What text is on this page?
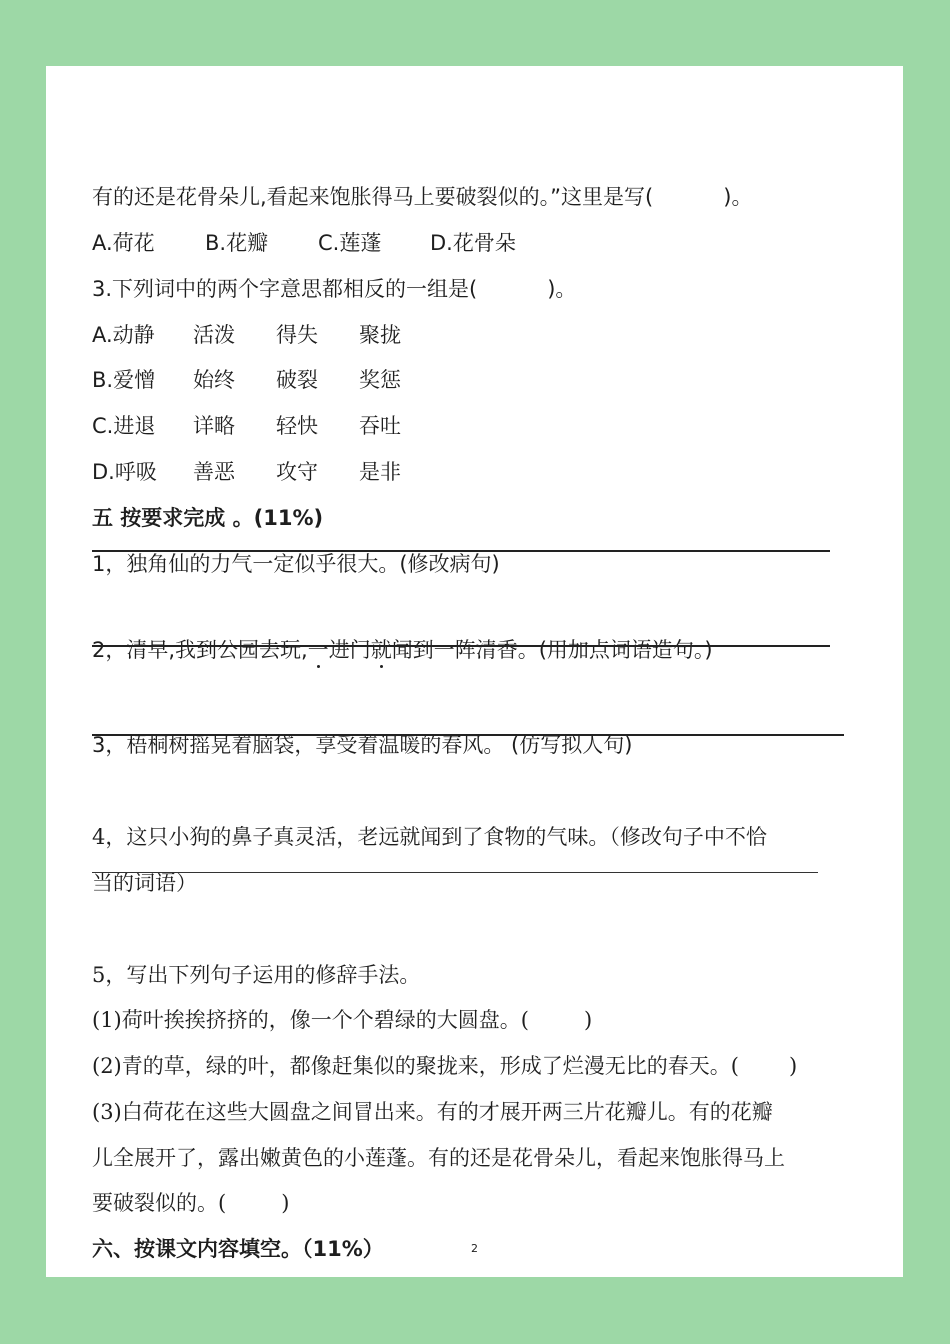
有的还是花骨朵儿,看起来饱胀得马上要破裂似的。”这里是写(	)。
A.荷花 B.花瓣 C.莲蓬 D.花骨朵
3.下列词中的两个字意思都相反的一组是(	)。
A.动静 活泼 得失 聚拢
B.爱憎 始终 破裂 奖惩
C.进退 详略 轻快 吞吐
D.呼吸 善恶 攻守 是非
五 按要求完成 。(11%)
1，独角仙的力气一定似乎很大。(修改病句)
2，清早,我到公园去玩,一进门就闻到一阵清香。(用加点词语造句。)
3，梧桐树摇晃着脑袋，享受着温暖的春风。 (仿写拟人句)
4，这只小狗的鼻子真灵活，老远就闻到了食物的气味。（修改句子中不恰
当的词语）
5，写出下列句子运用的修辞手法。
(1)荷叶挨挨挤挤的，像一个个碧绿的大圆盘。(	)
(2)青的草，绿的叶，都像赶集似的聚拢来，形成了烂漫无比的春天。( )
(3)白荷花在这些大圆盘之间冒出来。有的才展开两三片花瓣儿。有的花瓣
儿全展开了，露出嫩黄色的小莲蓬。有的还是花骨朵儿，看起来饱胀得马上
要破裂似的。(	)
六、按课文内容填空。（11%）	2
